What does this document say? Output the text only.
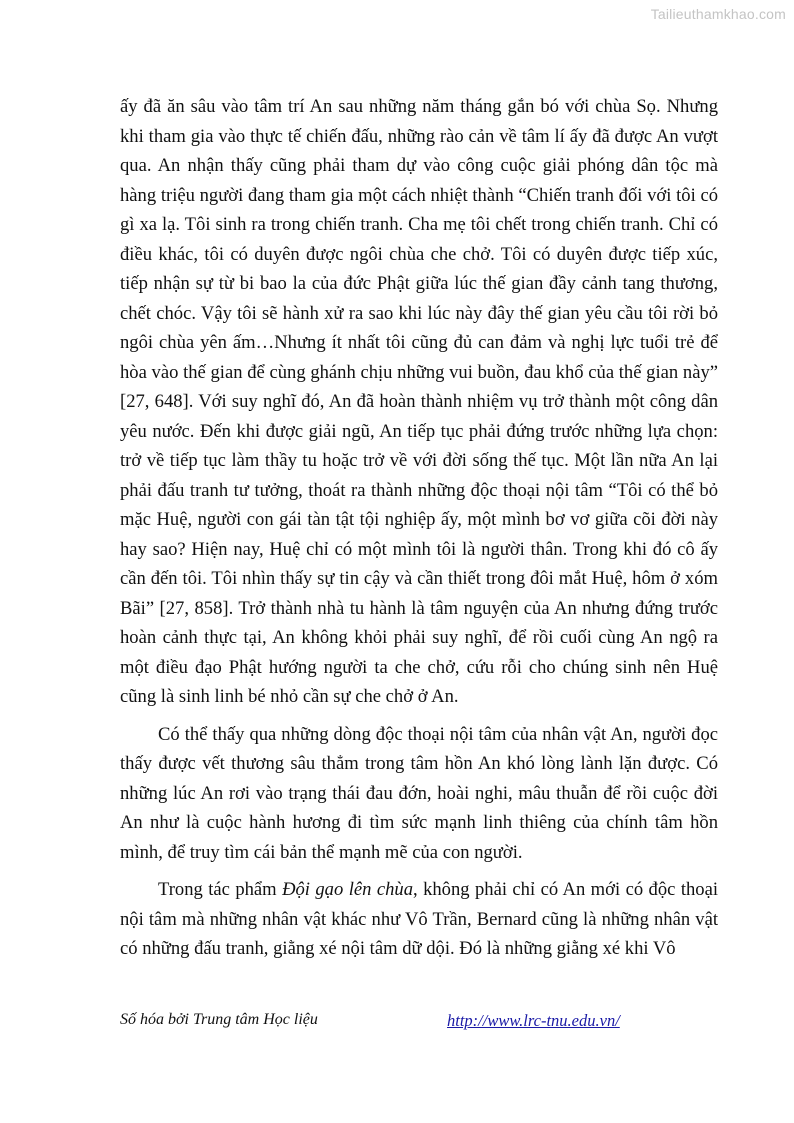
Tailieuthamkhao.com

ấy đã ăn sâu vào tâm trí An sau những năm tháng gắn bó với chùa Sọ. Nhưng khi tham gia vào thực tế chiến đấu, những rào cản về tâm lí ấy đã được An vượt qua. An nhận thấy cũng phải tham dự vào công cuộc giải phóng dân tộc mà hàng triệu người đang tham gia một cách nhiệt thành “Chiến tranh đối với tôi có gì xa lạ. Tôi sinh ra trong chiến tranh. Cha mẹ tôi chết trong chiến tranh. Chỉ có điều khác, tôi có duyên được ngôi chùa che chở. Tôi có duyên được tiếp xúc, tiếp nhận sự từ bi bao la của đức Phật giữa lúc thế gian đầy cảnh tang thương, chết chóc. Vậy tôi sẽ hành xử ra sao khi lúc này đây thế gian yêu cầu tôi rời bỏ ngôi chùa yên ấm…Nhưng ít nhất tôi cũng đủ can đảm và nghị lực tuổi trẻ để hòa vào thế gian để cùng ghánh chịu những vui buồn, đau khổ của thế gian này” [27, 648]. Với suy nghĩ đó, An đã hoàn thành nhiệm vụ trở thành một công dân yêu nước. Đến khi được giải ngũ, An tiếp tục phải đứng trước những lựa chọn: trở về tiếp tục làm thầy tu hoặc trở về với đời sống thế tục. Một lần nữa An lại phải đấu tranh tư tưởng, thoát ra thành những độc thoại nội tâm “Tôi có thể bỏ mặc Huệ, người con gái tàn tật tội nghiệp ấy, một mình bơ vơ giữa cõi đời này hay sao? Hiện nay, Huệ chỉ có một mình tôi là người thân. Trong khi đó cô ấy cần đến tôi. Tôi nhìn thấy sự tin cậy và cần thiết trong đôi mắt Huệ, hôm ở xóm Bãi” [27, 858]. Trở thành nhà tu hành là tâm nguyện của An nhưng đứng trước hoàn cảnh thực tại, An không khỏi phải suy nghĩ, để rồi cuối cùng An ngộ ra một điều đạo Phật hướng người ta che chở, cứu rỗi cho chúng sinh nên Huệ cũng là sinh linh bé nhỏ cần sự che chở ở An.

Có thể thấy qua những dòng độc thoại nội tâm của nhân vật An, người đọc thấy được vết thương sâu thẳm trong tâm hồn An khó lòng lành lặn được. Có những lúc An rơi vào trạng thái đau đớn, hoài nghi, mâu thuẫn để rồi cuộc đời An như là cuộc hành hương đi tìm sức mạnh linh thiêng của chính tâm hồn mình, để truy tìm cái bản thể mạnh mẽ của con người.

Trong tác phẩm Đội gạo lên chùa, không phải chỉ có An mới có độc thoại nội tâm mà những nhân vật khác như Vô Trần, Bernard cũng là những nhân vật có những đấu tranh, giằng xé nội tâm dữ dội. Đó là những giằng xé khi Vô

Số hóa bởi Trung tâm Học liệu	http://www.lrc-tnu.edu.vn/
